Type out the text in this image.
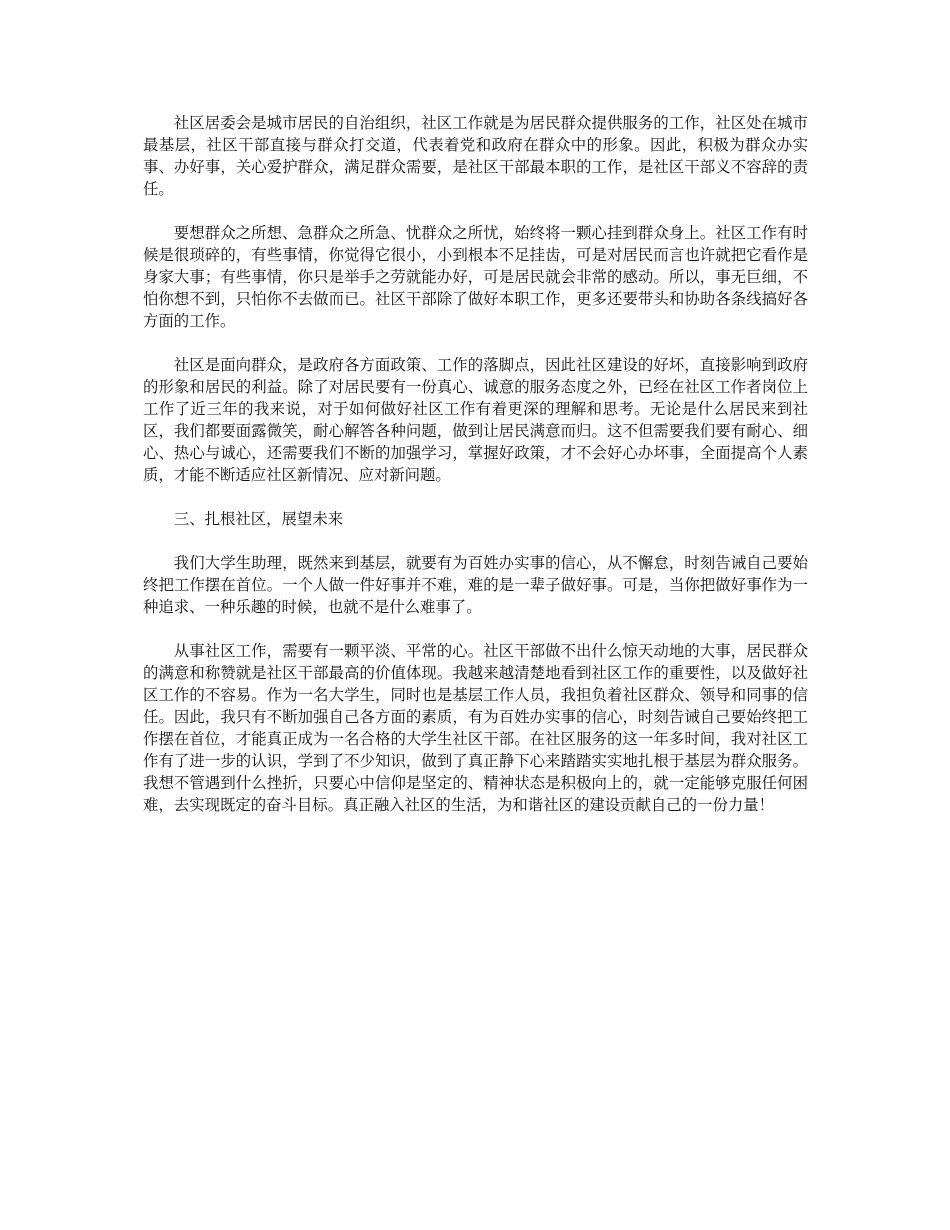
社区居委会是城市居民的自治组织，社区工作就是为居民群众提供服务的工作，社区处在城市最基层，社区干部直接与群众打交道，代表着党和政府在群众中的形象。因此，积极为群众办实事、办好事，关心爱护群众，满足群众需要，是社区干部最本职的工作，是社区干部义不容辞的责任。

要想群众之所想、急群众之所急、忧群众之所忧，始终将一颗心挂到群众身上。社区工作有时候是很琐碎的，有些事情，你觉得它很小，小到根本不足挂齿，可是对居民而言也许就把它看作是身家大事；有些事情，你只是举手之劳就能办好，可是居民就会非常的感动。所以，事无巨细，不怕你想不到，只怕你不去做而已。社区干部除了做好本职工作，更多还要带头和协助各条线搞好各方面的工作。

社区是面向群众，是政府各方面政策、工作的落脚点，因此社区建设的好坏，直接影响到政府的形象和居民的利益。除了对居民要有一份真心、诚意的服务态度之外，已经在社区工作者岗位上工作了近三年的我来说，对于如何做好社区工作有着更深的理解和思考。无论是什么居民来到社区，我们都要面露微笑，耐心解答各种问题，做到让居民满意而归。这不但需要我们要有耐心、细心、热心与诚心，还需要我们不断的加强学习，掌握好政策，才不会好心办坏事，全面提高个人素质，才能不断适应社区新情况、应对新问题。

三、扎根社区，展望未来

我们大学生助理，既然来到基层，就要有为百姓办实事的信心，从不懈怠，时刻告诫自己要始终把工作摆在首位。一个人做一件好事并不难，难的是一辈子做好事。可是，当你把做好事作为一种追求、一种乐趣的时候，也就不是什么难事了。

从事社区工作，需要有一颗平淡、平常的心。社区干部做不出什么惊天动地的大事，居民群众的满意和称赞就是社区干部最高的价值体现。我越来越清楚地看到社区工作的重要性，以及做好社区工作的不容易。作为一名大学生，同时也是基层工作人员，我担负着社区群众、领导和同事的信任。因此，我只有不断加强自己各方面的素质，有为百姓办实事的信心，时刻告诫自己要始终把工作摆在首位，才能真正成为一名合格的大学生社区干部。在社区服务的这一年多时间，我对社区工作有了进一步的认识，学到了不少知识，做到了真正静下心来踏踏实实地扎根于基层为群众服务。我想不管遇到什么挫折，只要心中信仰是坚定的、精神状态是积极向上的，就一定能够克服任何困难，去实现既定的奋斗目标。真正融入社区的生活，为和谐社区的建设贡献自己的一份力量！
